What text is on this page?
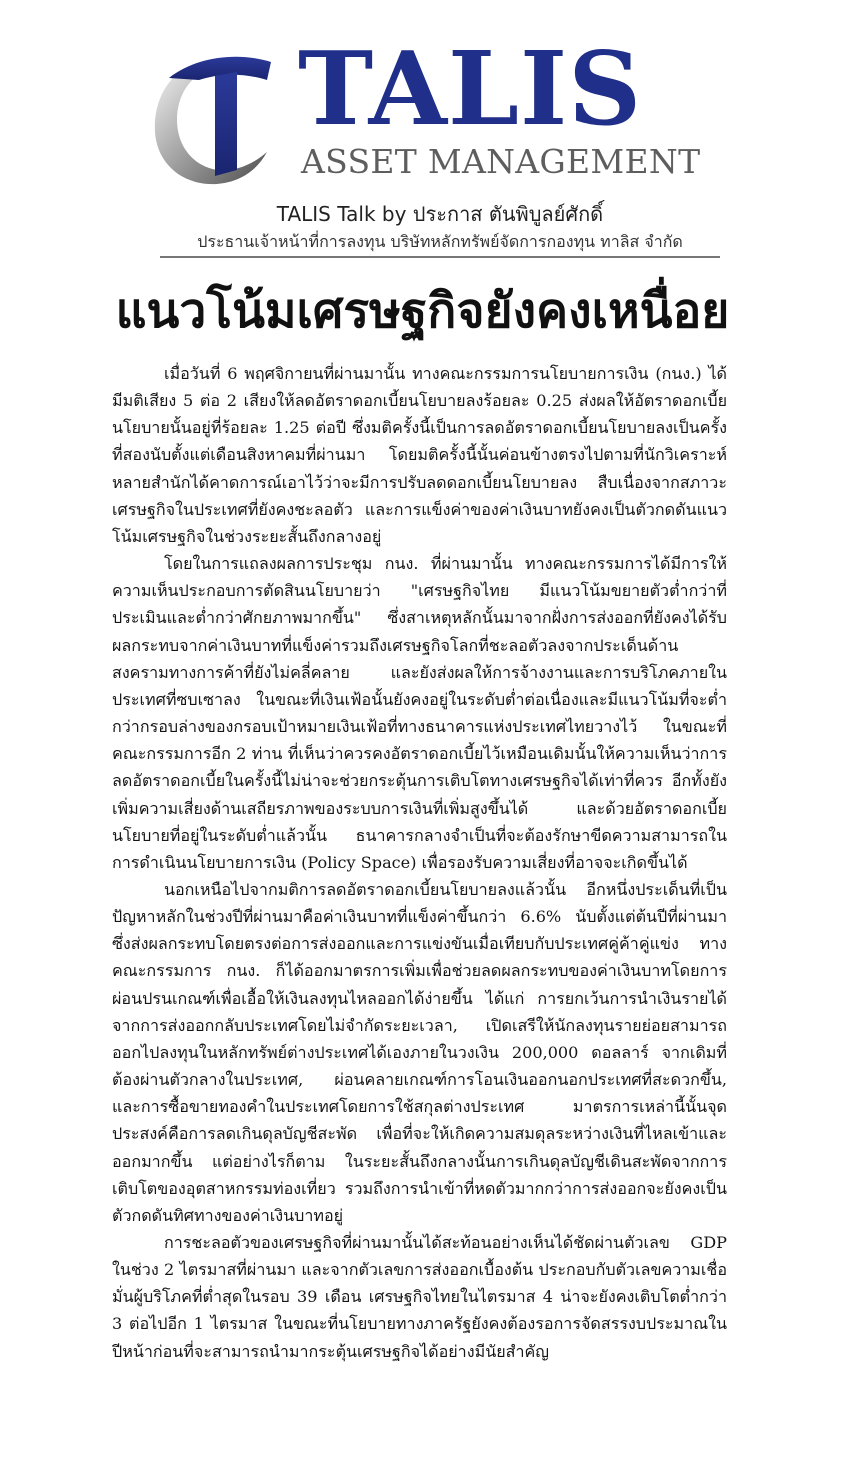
TALIS
ASSET MANAGEMENT
TALIS Talk by ประกาส ตันพิบูลย์ศักดิ์
ประธานเจ้าหน้าที่การลงทุน บริษัทหลักทรัพย์จัดการกองทุน ทาลิส จำกัด
แนวโน้มเศรษฐกิจยังคงเหนื่อย

เมื่อวันที่ 6 พฤศจิกายนที่ผ่านมานั้น ทางคณะกรรมการนโยบายการเงิน (กนง.) ได้มีมติเสียง 5 ต่อ 2 เสียงให้ลดอัตราดอกเบี้ยนโยบายลงร้อยละ 0.25 ส่งผลให้อัตราดอกเบี้ยนโยบายนั้นอยู่ที่ร้อยละ 1.25 ต่อปี ซึ่งมติครั้งนี้เป็นการลดอัตราดอกเบี้ยนโยบายลงเป็นครั้งที่สองนับตั้งแต่เดือนสิงหาคมที่ผ่านมา โดยมติครั้งนี้นั้นค่อนข้างตรงไปตามที่นักวิเคราะห์หลายสำนักได้คาดการณ์เอาไว้ว่าจะมีการปรับลดดอกเบี้ยนโยบายลง สืบเนื่องจากสภาวะเศรษฐกิจในประเทศที่ยังคงชะลอตัว และการแข็งค่าของค่าเงินบาทยังคงเป็นตัวกดดันแนวโน้มเศรษฐกิจในช่วงระยะสั้นถึงกลางอยู่

โดยในการแถลงผลการประชุม กนง. ที่ผ่านมานั้น ทางคณะกรรมการได้มีการให้ความเห็นประกอบการตัดสินนโยบายว่า "เศรษฐกิจไทย มีแนวโน้มขยายตัวต่ำกว่าที่ประเมินและต่ำกว่าศักยภาพมากขึ้น" ซึ่งสาเหตุหลักนั้นมาจากฝั่งการส่งออกที่ยังคงได้รับผลกระทบจากค่าเงินบาทที่แข็งค่ารวมถึงเศรษฐกิจโลกที่ชะลอตัวลงจากประเด็นด้านสงครามทางการค้าที่ยังไม่คลี่คลาย และยังส่งผลให้การจ้างงานและการบริโภคภายในประเทศที่ซบเซาลง ในขณะที่เงินเฟ้อนั้นยังคงอยู่ในระดับต่ำต่อเนื่องและมีแนวโน้มที่จะต่ำกว่ากรอบล่างของกรอบเป้าหมายเงินเฟ้อที่ทางธนาคารแห่งประเทศไทยวางไว้ ในขณะที่คณะกรรมการอีก 2 ท่าน ที่เห็นว่าควรคงอัตราดอกเบี้ยไว้เหมือนเดิมนั้นให้ความเห็นว่าการลดอัตราดอกเบี้ยในครั้งนี้ไม่น่าจะช่วยกระตุ้นการเติบโตทางเศรษฐกิจได้เท่าที่ควร อีกทั้งยังเพิ่มความเสี่ยงด้านเสถียรภาพของระบบการเงินที่เพิ่มสูงขึ้นได้ และด้วยอัตราดอกเบี้ยนโยบายที่อยู่ในระดับต่ำแล้วนั้น ธนาคารกลางจำเป็นที่จะต้องรักษาขีดความสามารถในการดำเนินนโยบายการเงิน (Policy Space) เพื่อรองรับความเสี่ยงที่อาจจะเกิดขึ้นได้

นอกเหนือไปจากมติการลดอัตราดอกเบี้ยนโยบายลงแล้วนั้น อีกหนึ่งประเด็นที่เป็นปัญหาหลักในช่วงปีที่ผ่านมาคือค่าเงินบาทที่แข็งค่าขึ้นกว่า 6.6% นับตั้งแต่ต้นปีที่ผ่านมา ซึ่งส่งผลกระทบโดยตรงต่อการส่งออกและการแข่งขันเมื่อเทียบกับประเทศคู่ค้าคู่แข่ง ทางคณะกรรมการ กนง. ก็ได้ออกมาตรการเพิ่มเพื่อช่วยลดผลกระทบของค่าเงินบาทโดยการผ่อนปรนเกณฑ์เพื่อเอื้อให้เงินลงทุนไหลออกได้ง่ายขึ้น ได้แก่ การยกเว้นการนำเงินรายได้จากการส่งออกกลับประเทศโดยไม่จำกัดระยะเวลา, เปิดเสรีให้นักลงทุนรายย่อยสามารถออกไปลงทุนในหลักทรัพย์ต่างประเทศได้เองภายในวงเงิน 200,000 ดอลลาร์ จากเดิมที่ต้องผ่านตัวกลางในประเทศ, ผ่อนคลายเกณฑ์การโอนเงินออกนอกประเทศที่สะดวกขึ้น, และการซื้อขายทองคำในประเทศโดยการใช้สกุลต่างประเทศ มาตรการเหล่านี้นั้นจุดประสงค์คือการลดเกินดุลบัญชีสะพัด เพื่อที่จะให้เกิดความสมดุลระหว่างเงินที่ไหลเข้าและออกมากขึ้น แต่อย่างไรก็ตาม ในระยะสั้นถึงกลางนั้นการเกินดุลบัญชีเดินสะพัดจากการเติบโตของอุตสาหกรรมท่องเที่ยว รวมถึงการนำเข้าที่หดตัวมากกว่าการส่งออกจะยังคงเป็นตัวกดดันทิศทางของค่าเงินบาทอยู่

การชะลอตัวของเศรษฐกิจที่ผ่านมานั้นได้สะท้อนอย่างเห็นได้ชัดผ่านตัวเลข GDP ในช่วง 2 ไตรมาสที่ผ่านมา และจากตัวเลขการส่งออกเบื้องต้น ประกอบกับตัวเลขความเชื่อมั่นผู้บริโภคที่ต่ำสุดในรอบ 39 เดือน เศรษฐกิจไทยในไตรมาส 4 น่าจะยังคงเติบโตต่ำกว่า 3 ต่อไปอีก 1 ไตรมาส ในขณะที่นโยบายทางภาครัฐยังคงต้องรอการจัดสรรงบประมาณในปีหน้าก่อนที่จะสามารถนำมากระตุ้นเศรษฐกิจได้อย่างมีนัยสำคัญ
